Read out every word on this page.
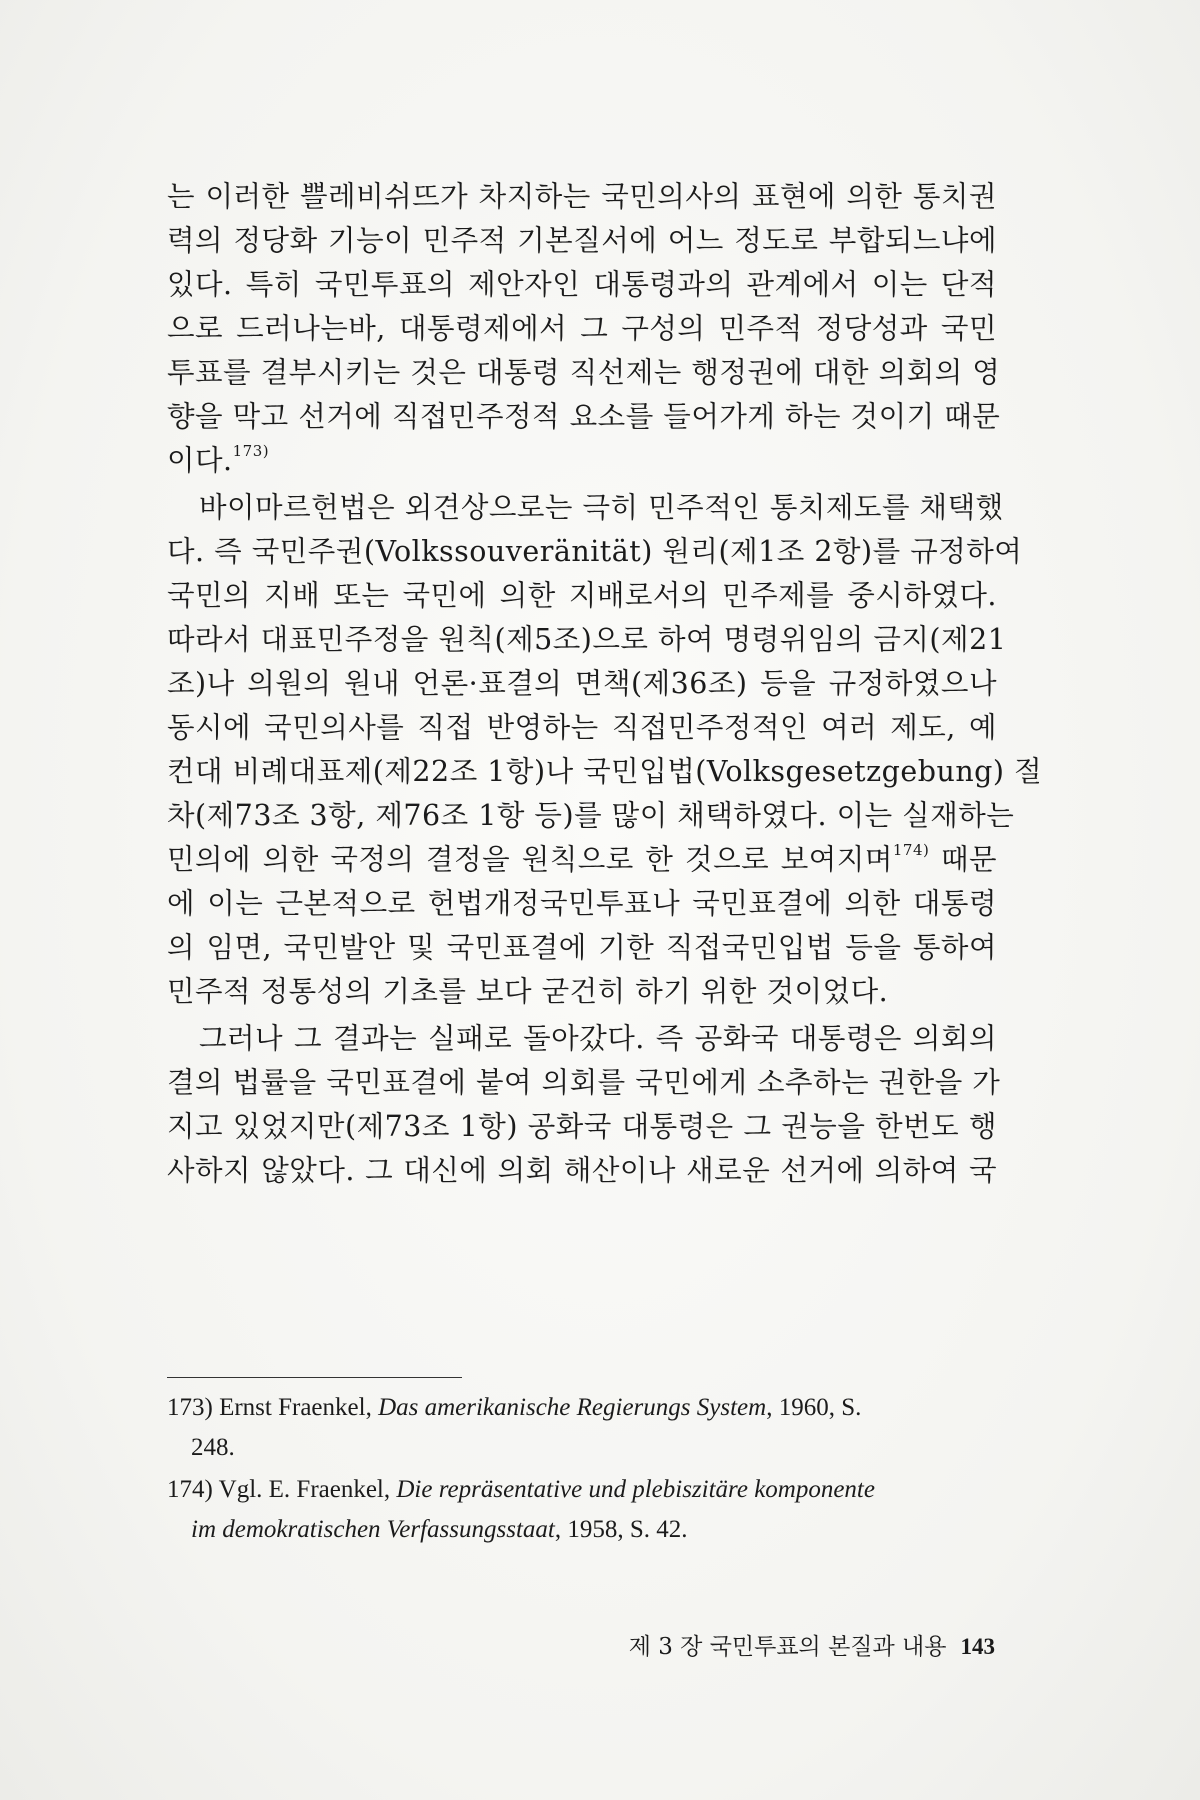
는 이러한 쁠레비쉬뜨가 차지하는 국민의사의 표현에 의한 통치권
력의 정당화 기능이 민주적 기본질서에 어느 정도로 부합되느냐에
있다. 특히 국민투표의 제안자인 대통령과의 관계에서 이는 단적
으로 드러나는바, 대통령제에서 그 구성의 민주적 정당성과 국민
투표를 결부시키는 것은 대통령 직선제는 행정권에 대한 의회의 영
향을 막고 선거에 직접민주정적 요소를 들어가게 하는 것이기 때문
이다.$^{173)}$
바이마르헌법은 외견상으로는 극히 민주적인 통치제도를 채택했
다. 즉 국민주권(Volkssouveränität) 원리(제1조 2항)를 규정하여
국민의 지배 또는 국민에 의한 지배로서의 민주제를 중시하였다.
따라서 대표민주정을 원칙(제5조)으로 하여 명령위임의 금지(제21
조)나 의원의 원내 언론·표결의 면책(제36조) 등을 규정하였으나
동시에 국민의사를 직접 반영하는 직접민주정적인 여러 제도, 예
컨대 비례대표제(제22조 1항)나 국민입법(Volksgesetzgebung) 절
차(제73조 3항, 제76조 1항 등)를 많이 채택하였다. 이는 실재하는
민의에 의한 국정의 결정을 원칙으로 한 것으로 보여지며$^{174)}$ 때문
에 이는 근본적으로 헌법개정국민투표나 국민표결에 의한 대통령
의 임면, 국민발안 및 국민표결에 기한 직접국민입법 등을 통하여
민주적 정통성의 기초를 보다 굳건히 하기 위한 것이었다.
그러나 그 결과는 실패로 돌아갔다. 즉 공화국 대통령은 의회의
결의 법률을 국민표결에 붙여 의회를 국민에게 소추하는 권한을 가
지고 있었지만(제73조 1항) 공화국 대통령은 그 권능을 한번도 행
사하지 않았다. 그 대신에 의회 해산이나 새로운 선거에 의하여 국
173) Ernst Fraenkel, Das amerikanische Regierungs System, 1960, S.
248.
174) Vgl. E. Fraenkel, Die repräsentative und plebiszitäre komponente
im demokratischen Verfassungsstaat, 1958, S. 42.
제 3 장 국민투표의 본질과 내용 143
